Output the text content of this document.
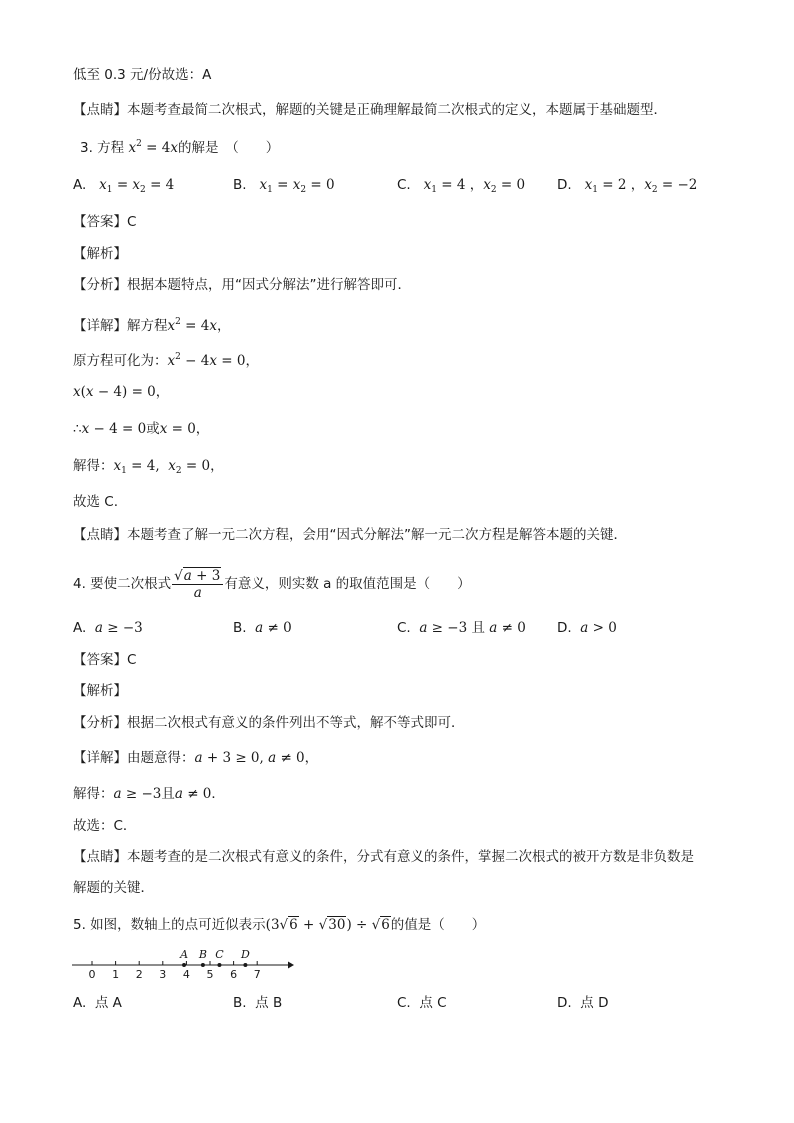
低至 0.3 元/份故选：A
【点睛】本题考查最简二次根式，解题的关键是正确理解最简二次根式的定义，本题属于基础题型．
3. 方程 $x^2 = 4x$的解是　（　　）
A. $x_1 = x_2 = 4$	B. $x_1 = x_2 = 0$	C. $x_1 = 4$ ，$x_2 = 0$ D. $x_1 = 2$ ，$x_2 = -2$
【答案】C
【解析】
【分析】根据本题特点，用“因式分解法”进行解答即可．
【详解】解方程$x^2 = 4x$，
原方程可化为：$x^2 - 4x = 0$，
x(x − 4) = 0，
∴x − 4 = 0或x = 0，
解得：$x_1 = 4$,  $x_2 = 0$，
故选 C.
【点睛】本题考查了解一元二次方程，会用“因式分解法”解一元二次方程是解答本题的关键．
4. 要使二次根式 $\frac{√a + 3}{a}$ 有意义，则实数 a 的取值范围是（　　）
A. a ≥ −3	B. a ≠ 0	C. a ≥ −3 且 a ≠ 0 D. a > 0
【答案】C
【解析】
【分析】根据二次根式有意义的条件列出不等式，解不等式即可．
【详解】由题意得：a + 3 ≥ 0, a ≠ 0，
解得：a ≥ −3且a ≠ 0．
故选：C．
【点睛】本题考查的是二次根式有意义的条件，分式有意义的条件，掌握二次根式的被开方数是非负数是
解题的关键．
5. 如图，数轴上的点可近似表示(3√6 + √30) ÷ √6的值是（　　）
0 1 2 3 4 5 6 7
A B C D
A. 点 A	B. 点 B	C. 点 C	D. 点 D
